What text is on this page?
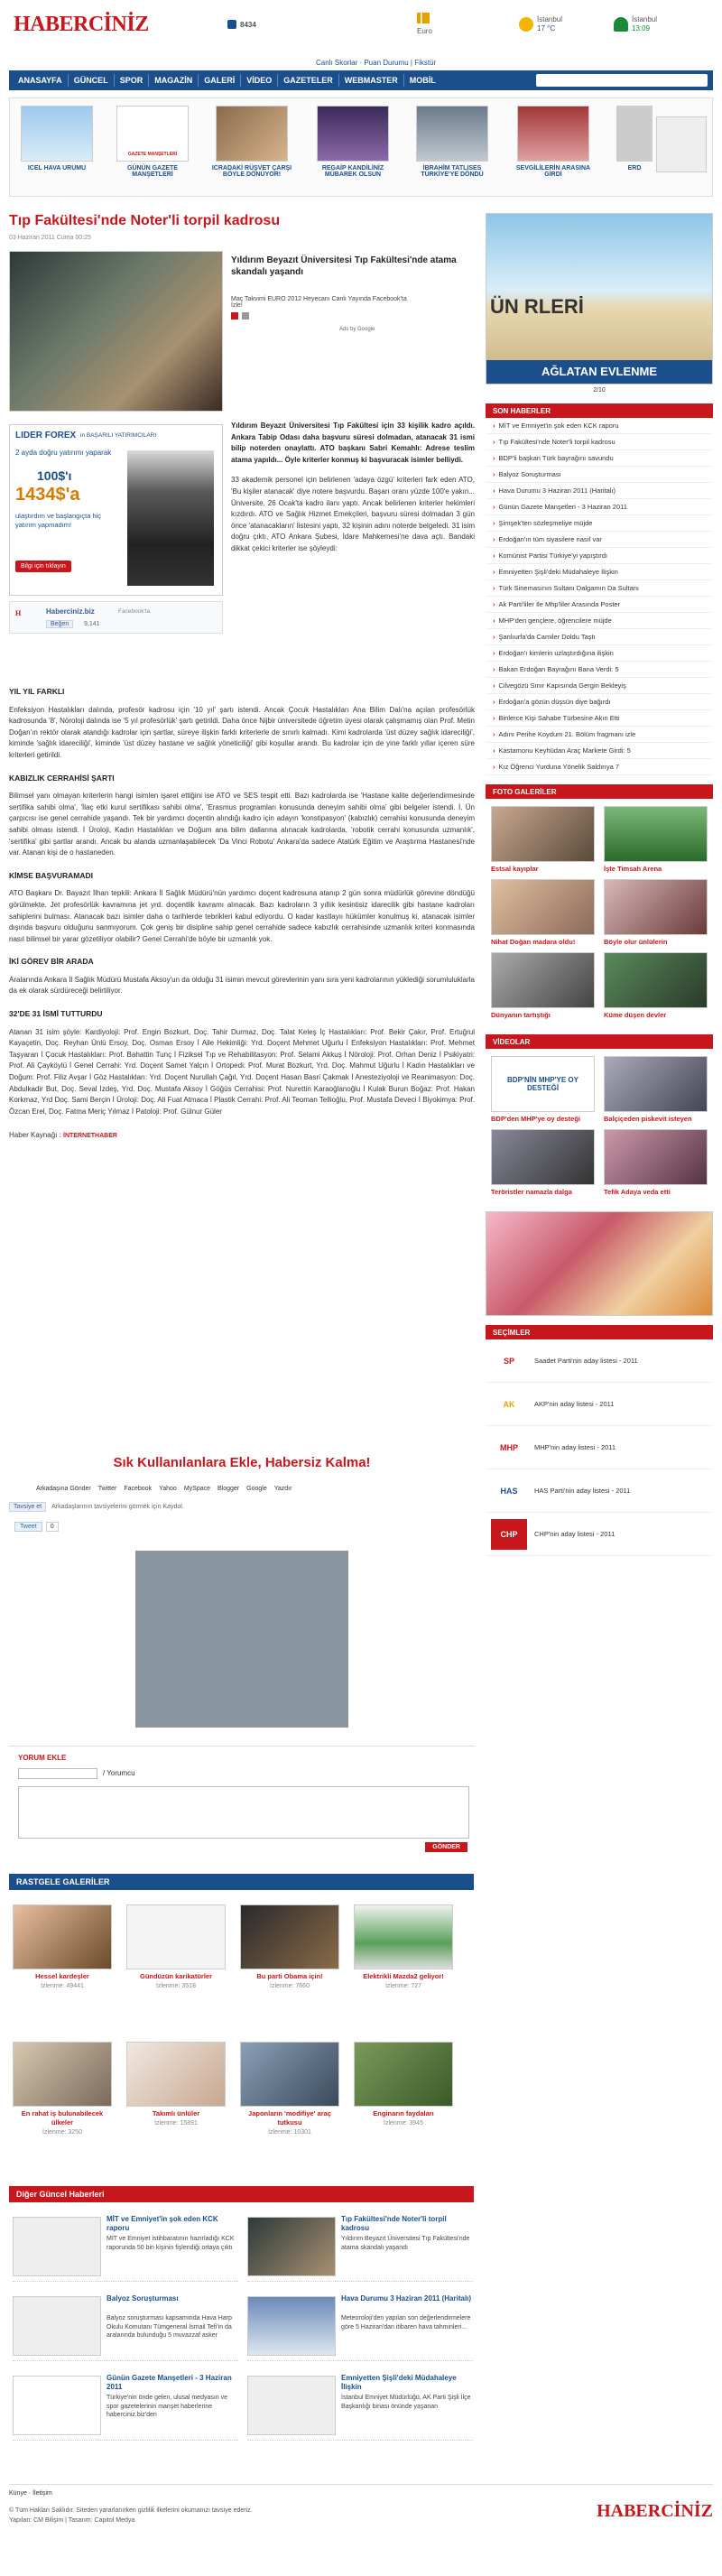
HABERCİNİZ	8434
Canlı Skorlar · Puan Durumu | Fikstür
Euro
İstanbul
17 °C
İstanbul
13:09
ANASAYFA	GÜNCEL	SPOR	MAGAZİN	GALERİ	VİDEO	GAZETELER	WEBMASTER	MOBİL
ICEL HAVA URUMU
GAZETE MANŞETLERİ
GÜNÜN GAZETE MANŞETLERİ
ICRADAKİ RÜŞVET ÇARŞI BÖYLE DÖNÜYOR!
REGAİP KANDİLİNİZ MÜBAREK OLSUN
İBRAHİM TATLISES TÜRKİYE'YE DÖNDÜ
SEVGİLİLERİN ARASINA GİRDİ
ERD
Tıp Fakültesi'nde Noter'li torpil kadrosu
03 Haziran 2011 Cuma 00:25
Yıldırım Beyazıt Üniversitesi Tıp Fakültesi'nde atama skandalı yaşandı
Maç Takvimi EURO 2012 Heyecanı Canlı Yayında Facebook'ta İzle!
Ads by Google
LIDER FOREX in BAŞARILI YATIRIMCILARI
2 ayda doğru yatırımı yaparak
100$'ı
1434$'a
ulaştırdım ve başlangıçta hiç yatırım yapmadım!
Bilgi için tıklayın
H	Haberciniz.biz	Facebook'ta
Beğen	9,141

Yıldırım Beyazıt Üniversitesi Tıp Fakültesi için 33 kişilik kadro açıldı. Ankara Tabip Odası daha başvuru süresi dolmadan, atanacak 31 ismi bilip noterden onaylattı. ATO başkanı Sabri Kemahlı: Adrese teslim atama yapıldı... Öyle kriterler konmuş ki başvuracak isimler belliydi.

33 akademik personel için belirlenen 'adaya özgü' kriterleri fark eden ATO, 'Bu kişiler atanacak' diye notere başvurdu. Başarı oranı yüzde 100'e yakın... Üniversite, 26 Ocak'ta kadro ilanı yaptı. Ancak belirlenen kriterler hekimleri kızdırdı. ATO ve Sağlık Hizmet Emekçileri, başvuru süresi dolmadan 3 gün önce 'atanacakların' listesini yaptı, 32 kişinin adını noterde belgeledi. 31 isim doğru çıktı, ATO Ankara Şubesi, İdare Mahkemesi'ne dava açtı. Bandaki dikkat çekici kriterler ise şöyleydi:

YIL YIL FARKLI

Enfeksiyon Hastalıkları dalında, profesör kadrosu için '10 yıl' şartı istendi. Ancak Çocuk Hastalıkları Ana Bilim Dalı'na açılan profesörlük kadrosunda '8', Nöroloji dalında ise '5 yıl profesörlük' şartı getirildi. Daha önce Nijbir üniversitede öğretim üyesi olarak çalışmamış olan Prof. Metin Doğan'ın rektör olarak atandığı kadrolar için şartlar, süreye ilişkin farklı kriterlerle de sınırlı kalmadı. Kimi kadrolarda 'üst düzey sağlık idareciliği', kiminde 'sağlık idareciliği', kiminde 'üst düzey hastane ve sağlık yöneticiliği' gibi koşullar arandı. Bu kadrolar için de yine farklı yıllar içeren süre kriterleri getirildi.

KABIZLIK CERRAHİSİ ŞARTI

Bilimsel yanı olmayan kriterlerin hangi isimlen işaret ettiğini ise ATO ve SES tespit etti. Bazı kadrolarda ise 'Hastane kalite değerlendirmesinde sertifika sahibi olma', 'İlaç etki kurul sertifikası sahibi olma', 'Erasmus programları konusunda deneyim sahibi olma' gibi belgeler istendi. İ. Ün çarpıcısı ise genel cerrahide yaşandı. Tek bir yardımcı doçentin alındığı kadro için adayın 'konstipasyon' (kabızlık) cerrahisi konusunda deneyim sahibi olması istendi. İ Üroloji, Kadın Hastalıkları ve Doğum ana bilim dallarına alınacak kadrolarda, 'robotik cerrahi konusunda uzmanlık', 'sertifika' gibi şartlar arandı. Ancak bu alanda uzmanlaşabilecek 'Da Vinci Robotu' Ankara'da sadece Atatürk Eğitim ve Araştırma Hastanesi'nde var. Atanan kişi de o hastaneden.

KİMSE BAŞVURAMADI

ATO Başkanı Dr. Bayazıt İlhan tepkili: Ankara İl Sağlık Müdürü'nün yardımcı doçent kadrosuna atanıp 2 gün sonra müdürlük görevine döndüğü görülmekte. Jet profesörlük kavramına jet yrd. doçentlik kavramı alınacak. Bazı kadroların 3 yıllık kesintisiz idarecilik gibi hastane kadroları sahiplerini bulması. Atanacak bazı isimler daha o tarihlerde tebrikleri kabul ediyordu. O kadar kastlayıı hükümler konulmuş ki, atanacak isimler dışında başvuru olduğunu sanmıyorum. Çok geniş bir disipline sahip genel cerrahide sadece kabızlık cerrahisinde uzmanlık kriteri konmasında nasıl bilimsel bir yarar gözetiliyor olabilir? Genel Cerrahi'de böyle bir uzmanlık yok.

İKİ GÖREV BİR ARADA

Aralarında Ankara İl Sağlık Müdürü Mustafa Aksoy'un da olduğu 31 isimin mevcut görevlerinin yanı sıra yeni kadrolarının yüklediği sorumluluklarla da ek olarak sürdüreceği belirtiliyor.

32'DE 31 İSMİ TUTTURDU

Atanan 31 isim şöyle: Kardiyoloji: Prof. Engin Bozkurt, Doç. Tahir Durmaz, Doç. Talat Keleş İç Hastalıkları: Prof. Bekir Çakır, Prof. Ertuğrul Kayaçetin, Doç. Reyhan Ünlü Ersoy, Doç. Osman Ersoy İ Aile Hekimliği: Yrd. Doçent Mehmet Uğurlu İ Enfeksiyon Hastalıkları: Prof. Mehmet Taşyaran İ Çocuk Hastalıkları: Prof. Bahattin Tunç İ Fiziksel Tıp ve Rehabilitasyon: Prof. Selami Akkuş İ Nöroloji: Prof. Orhan Deniz İ Psikiyatri: Prof. Ali Çayköylü İ Genel Cerrahi: Yrd. Doçent Samet Yalçın İ Ortopedi: Prof. Murat Bozkurt, Yrd. Doç. Mahmut Uğurlu İ Kadın Hastalıkları ve Doğum: Prof. Filiz Avşar İ Göz Hastalıkları: Yrd. Doçent Nurullah Çağıl, Yrd. Doçent Hasan Basri Çakmak İ Anesteziyoloji ve Reanimasyon: Doç. Abdulkadir But, Doç. Seval İzdeş, Yrd. Doç. Mustafa Aksoy İ Göğüs Cerrahisi: Prof. Nurettin Karaoğlanoğlu İ Kulak Burun Boğaz: Prof. Hakan Korkmaz, Yrd Doç. Sami Berçin İ Üroloji: Doç. Ali Fuat Atmaca İ Plastik Cerrahi: Prof. Ali Teoman Tellioğlu, Prof. Mustafa Deveci İ Biyokimya: Prof. Özcan Erel, Doç. Fatma Meriç Yılmaz İ Patoloji: Prof. Gülnur Güler

Haber Kaynağı : İNTERNETHABER

Sık Kullanılanlara Ekle, Habersiz Kalma!
Arkadaşına Gönder Twitter Facebook Yahoo MySpace Blogger Google Yazdır
Tavsiye et	Arkadaşlarının tavsiyelerini görmek için Kaydol.
Tweet	0
YORUM EKLE
/ Yorumcu
GÖNDER
RASTGELE GALERİLER
Hessel kardeşler
İzlenme: 49441
Gündüzün karikatürler
İzlenme: 3518
Bu parti Obama için!
İzlenme: 7660
Elektrikli Mazda2 geliyor!
İzlenme: 727
En rahat iş bulunabilecek ülkeler
İzlenme: 3250
Takımlı ünlüler
İzlenme: 15891
Japonların 'modifiye' araç tutkusu
İzlenme: 10301
Enginarın faydaları
İzlenme: 3945
Diğer Güncel Haberleri
MİT ve Emniyet'in şok eden KCK raporu
MİT ve Emniyet istihbaratının hazırladığı KCK raporunda 50 bin kişinin fişlendiği ortaya çıktı
Tıp Fakültesi'nde Noter'li torpil kadrosu
Yıldırım Beyazıt Üniversitesi Tıp Fakültesi'nde atama skandalı yaşandı
Balyoz Soruşturması
Balyoz soruşturması kapsamında Hava Harp Okulu Komutanı Tümgeneral İsmail Tefi'in da aralarında bulunduğu 5 muvazzaf asker
Hava Durumu 3 Haziran 2011 (Haritalı)
Meteoroloji'den yapılan son değerlendirmelere göre 5 Haziran'dan itibaren hava tahminleri...
Günün Gazete Manşetleri - 3 Haziran 2011
Türkiye'nin önde gelen, ulusal medyasın ve spor gazetelerinin manşet haberlerine haberciniz.biz'den
Emniyetten Şişli'deki Müdahaleye İlişkin
İstanbul Emniyet Müdürlüğü, AK Parti Şişli İlçe Başkanlığı binası önünde yaşanan
ÜN RLERİ
AĞLATAN EVLENME
2/10
SON HABERLER
› MİT ve Emniyet'in şok eden KCK raporu
› Tıp Fakültesi'nde Noter'li torpil kadrosu
› BDP'li başkan Türk bayrağını savundu
› Balyoz Soruşturması
› Hava Durumu 3 Haziran 2011 (Haritalı)
› Günün Gazete Manşetleri - 3 Haziran 2011
› Şimşek'ten sözleşmeliye müjde
› Erdoğan'ın tüm siyasilere nasıl var
› Komünist Partisi Türkiye'yi yapıştırdı
› Emniyetten Şişli'deki Müdahaleye İlişkin
› Türk Sinemasının Sultanı Dalgamın Da Sultanı
› Ak Parti'liler İle Mhp'liler Arasında Poster
› MHP'den gençlere, öğrencilere müjde
› Şanlıurfa'da Camiler Doldu Taştı
› Erdoğan'ı kimlerin uzlaştırdığına ilişkin
› Bakan Erdoğan Bayrağını Bana Verdi: 5
› Cilvegözü Sınır Kapısında Gergin Bekleyiş
› Erdoğan'a gözün düşsün diye bağırdı
› Binlerce Kişi Sahabe Türbesine Akın Etti
› Adını Perihe Koydum 21. Bölüm fragmanı izle
› Kastamonu Keyhüdan Araç Markete Girdi: 5
› Kız Öğrenci Yurduna Yönelik Saldırıya 7
FOTO GALERİLER
Estsal kayıplar	İşte Timsah Arena
Nihat Doğan madara oldu!	Böyle olur ünlülerin
Dünyanın tartıştığı	Küme düşen devler
VİDEOLAR
BDP'NİN MHP'YE OY DESTEĞİ
BDP'den MHP'ye oy desteği	Balçiçeden piskevit isteyen
Teröristler namazla dalga	Tefik Adaya veda etti
SEÇİMLER
SP	Saadet Parti'nin aday listesi - 2011
AK	AKP'nin aday listesi - 2011
MHP	MHP'nin aday listesi - 2011
HAS	HAS Parti'nin aday listesi - 2011
CHP	CHP'nin aday listesi - 2011
Künye · İletişim
© Tüm Hakları Saklıdır. Siteden yararlanırken gizlilik ilkelerini okumanızı tavsiye ederiz.
Yapılan: CM Bilişim | Tasarım: Capitol Medya	HABERCİNİZ
